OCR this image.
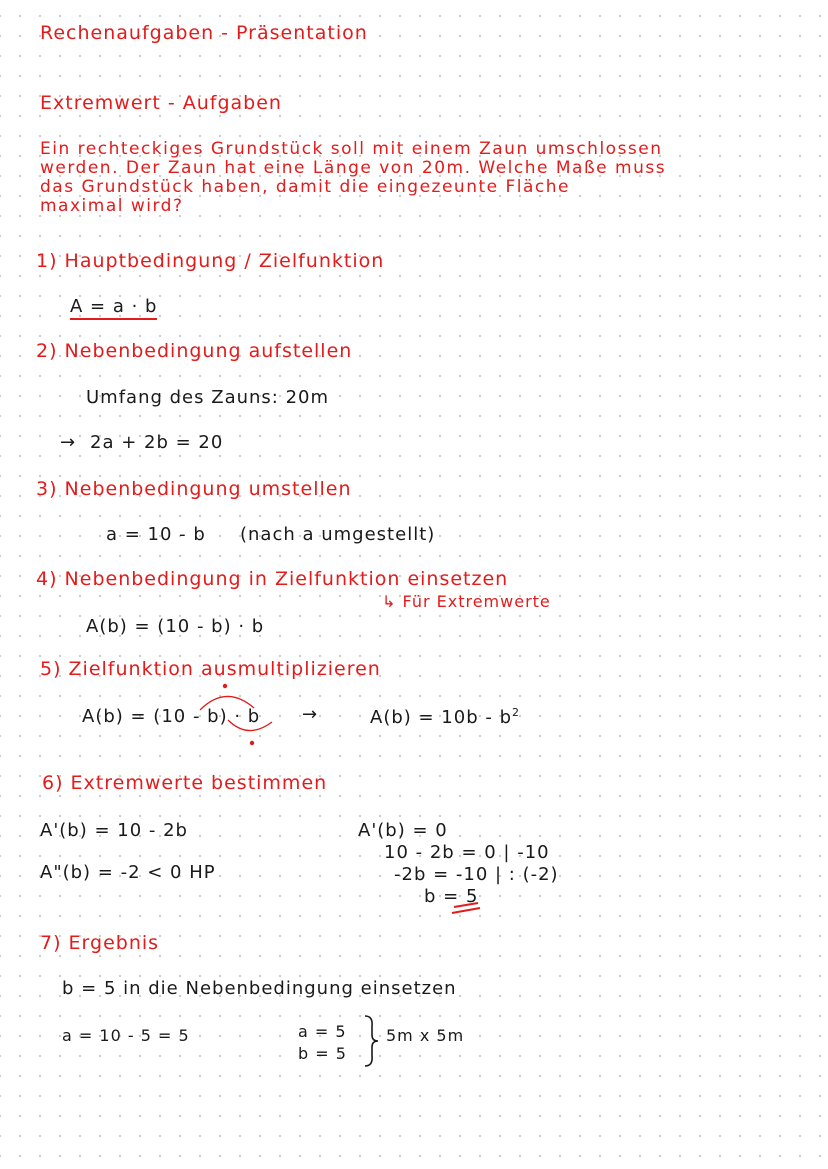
Rechenaufgaben - Präsentation
Extremwert - Aufgaben
Ein rechteckiges Grundstück soll mit einem Zaun umschlossen
werden. Der Zaun hat eine Länge von 20m. Welche Maße muss
das Grundstück haben, damit die eingezeunte Fläche
maximal wird?
1) Hauptbedingung / Zielfunktion
A = a · b
2) Nebenbedingung aufstellen
Umfang des Zauns: 20m
→ 2a + 2b = 20
3) Nebenbedingung umstellen
a = 10 - b (nach a umgestellt)
4) Nebenbedingung in Zielfunktion einsetzen
↳ Für Extremwerte
A(b) = (10 - b) · b
5) Zielfunktion ausmultiplizieren
A(b) = (10 - b) · b →	$A(b) = 10b - b^2$
6) Extremwerte bestimmen
A'(b) = 10 - 2b
A"(b) = -2 < 0 HP
A'(b) = 0
10 - 2b = 0 | -10
-2b = -10 | : (-2)
b = 5
7) Ergebnis
b = 5 in die Nebenbedingung einsetzen
a = 10 - 5 = 5	a = 5
b = 5
5m x 5m
